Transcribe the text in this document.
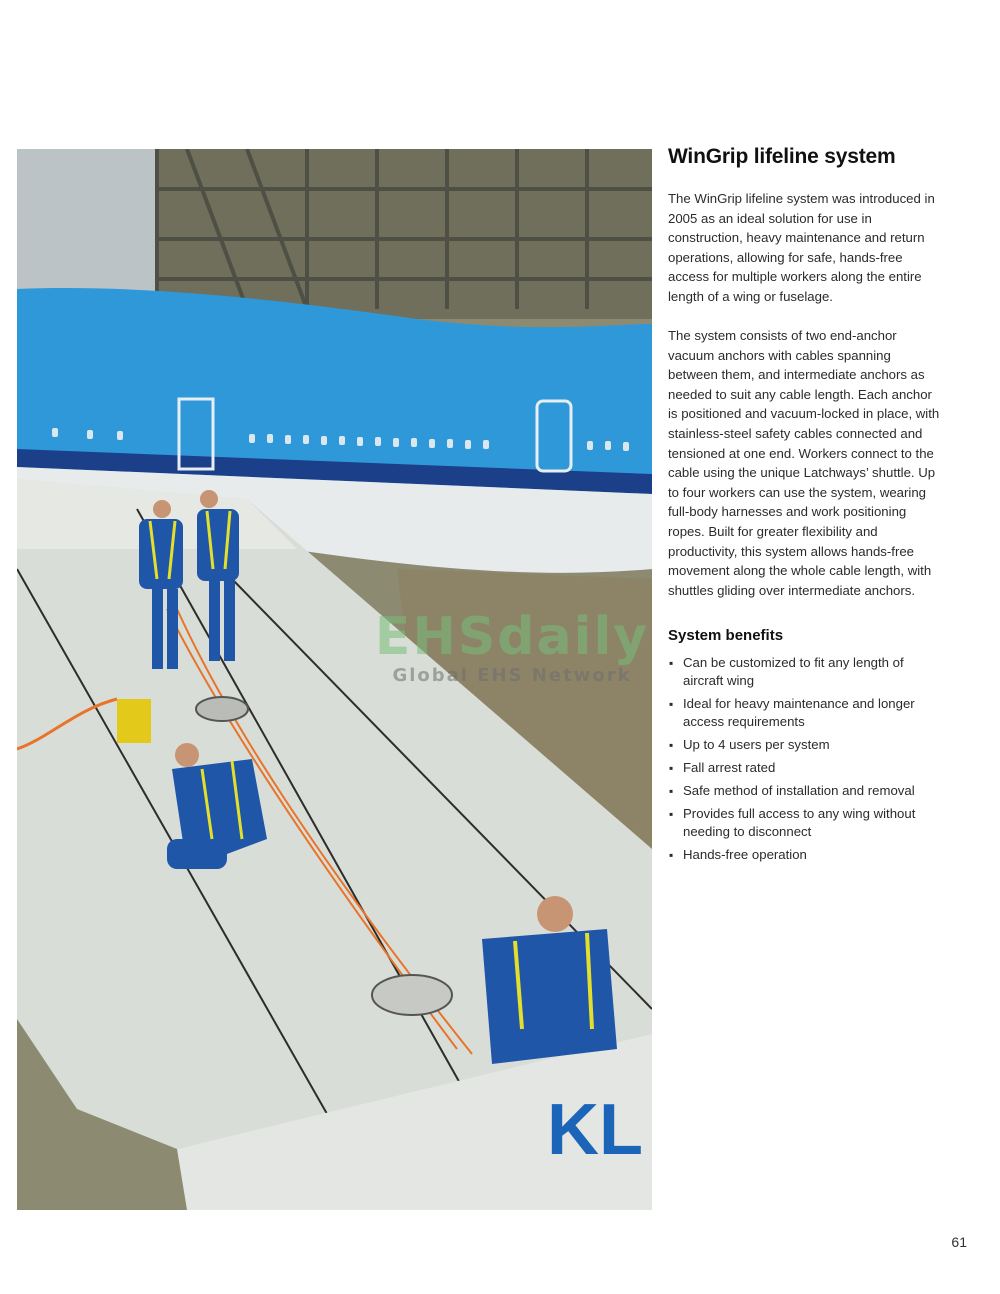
KL
EHSdaily
Global EHS Network
WinGrip lifeline system

The WinGrip lifeline system was introduced in 2005 as an ideal solution for use in construction, heavy maintenance and return operations, allowing for safe, hands-free access for multiple workers along the entire length of a wing or fuselage.

The system consists of two end-anchor vacuum anchors with cables spanning between them, and intermediate anchors as needed to suit any cable length. Each anchor is positioned and vacuum-locked in place, with stainless-steel safety cables connected and tensioned at one end. Workers connect to the cable using the unique Latchways’ shuttle. Up to four workers can use the system, wearing full-body harnesses and work positioning ropes. Built for greater flexibility and productivity, this system allows hands-free movement along the whole cable length, with shuttles gliding over intermediate anchors.

System benefits
▪ Can be customized to fit any length of aircraft wing
▪ Ideal for heavy maintenance and longer access requirements
▪ Up to 4 users per system
▪ Fall arrest rated
▪ Safe method of installation and removal
▪ Provides full access to any wing without needing to disconnect
▪ Hands-free operation
61
